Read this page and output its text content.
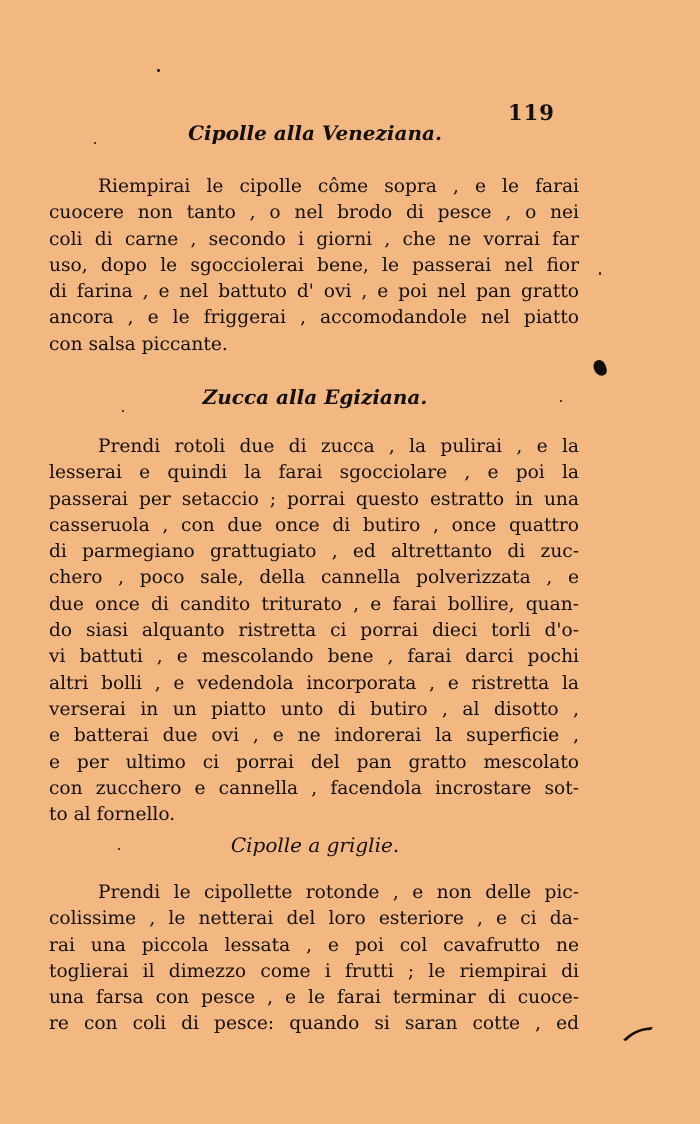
119
Cipolle alla Veneziana.
Riempirai le cipolle côme sopra , e le farai
cuocere non tanto , o nel brodo di pesce , o nei
coli di carne , secondo i giorni , che ne vorrai far
uso, dopo le sgocciolerai bene, le passerai nel fior
di farina , e nel battuto d' ovi , e poi nel pan gratto
ancora , e le friggerai , accomodandole nel piatto
con salsa piccante.
Zucca alla Egiziana.
Prendi rotoli due di zucca , la pulirai , e la
lesserai e quindi la farai sgocciolare , e poi la
passerai per setaccio ; porrai questo estratto in una
casseruola , con due once di butiro , once quattro
di parmegiano grattugiato , ed altrettanto di zuc-
chero , poco sale, della cannella polverizzata , e
due once di candito triturato , e farai bollire, quan-
do siasi alquanto ristretta ci porrai dieci torli d'o-
vi battuti , e mescolando bene , farai darci pochi
altri bolli , e vedendola incorporata , e ristretta la
verserai in un piatto unto di butiro , al disotto ,
e batterai due ovi , e ne indorerai la superficie ,
e per ultimo ci porrai del pan gratto mescolato
con zucchero e cannella , facendola incrostare sot-
to al fornello.
Cipolle a griglie.
Prendi le cipollette rotonde , e non delle pic-
colissime , le netterai del loro esteriore , e ci da-
rai una piccola lessata , e poi col cavafrutto ne
toglierai il dimezzo come i frutti ; le riempirai di
una farsa con pesce , e le farai terminar di cuoce-
re con coli di pesce: quando si saran cotte , ed
